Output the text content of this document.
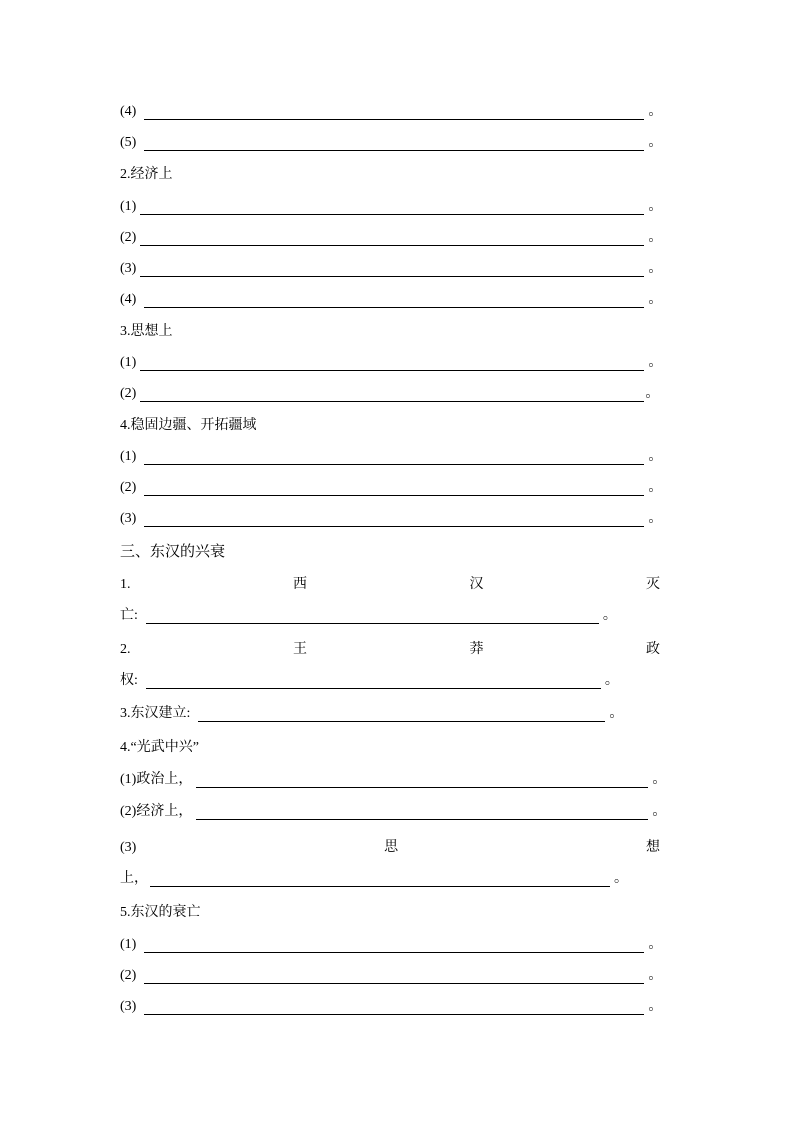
(4)	。
(5)	。
2.经济上
(1)	。
(2)	。
(3)	。
(4)	。
3.思想上
(1)	。
(2)	。
4.稳固边疆、开拓疆域
(1)	。
(2)	。
(3)	。
三、东汉的兴衰
1.	西	汉	灭
亡:	。
2.	王	莽	政
权:	。
3.东汉建立:	。
4.“光武中兴”
(1)政治上，	。
(2)经济上，	。
(3)	思	想
上，	。
5.东汉的衰亡
(1)	。
(2)	。
(3)	。
